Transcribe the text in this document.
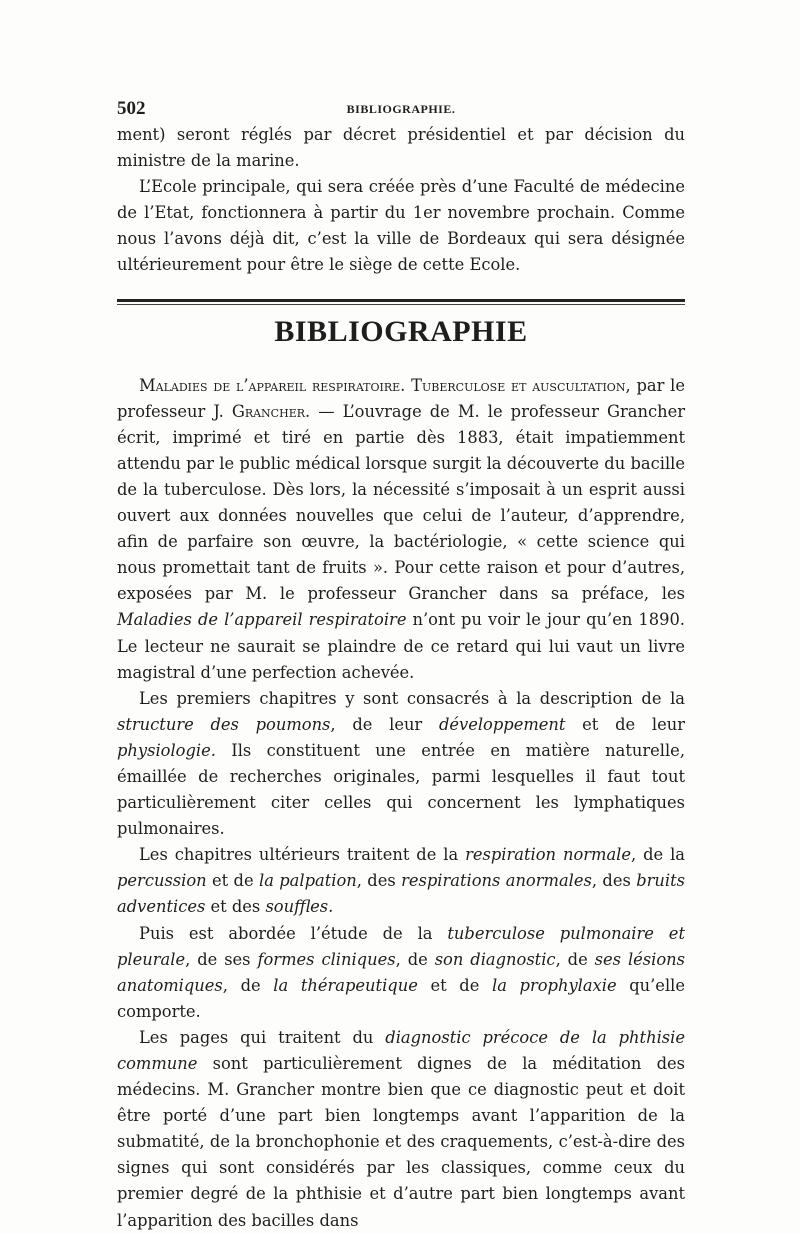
502	BIBLIOGRAPHIE.

ment) seront réglés par décret présidentiel et par décision du ministre de la marine.

L’Ecole principale, qui sera créée près d’une Faculté de médecine de l’Etat, fonctionnera à partir du 1er novembre prochain. Comme nous l’avons déjà dit, c’est la ville de Bordeaux qui sera désignée ultérieurement pour être le siège de cette Ecole.

BIBLIOGRAPHIE

Maladies de l’appareil respiratoire. Tuberculose et auscultation, par le professeur J. Grancher. — L’ouvrage de M. le professeur Grancher écrit, imprimé et tiré en partie dès 1883, était impatiemment attendu par le public médical lorsque surgit la découverte du bacille de la tuberculose. Dès lors, la nécessité s’imposait à un esprit aussi ouvert aux données nouvelles que celui de l’auteur, d’apprendre, afin de parfaire son œuvre, la bactériologie, « cette science qui nous promettait tant de fruits ». Pour cette raison et pour d’autres, exposées par M. le professeur Grancher dans sa préface, les Maladies de l’appareil respiratoire n’ont pu voir le jour qu’en 1890. Le lecteur ne saurait se plaindre de ce retard qui lui vaut un livre magistral d’une perfection achevée.

Les premiers chapitres y sont consacrés à la description de la structure des poumons, de leur développement et de leur physiologie. Ils constituent une entrée en matière naturelle, émaillée de recherches originales, parmi lesquelles il faut tout particulièrement citer celles qui concernent les lymphatiques pulmonaires.

Les chapitres ultérieurs traitent de la respiration normale, de la percussion et de la palpation, des respirations anormales, des bruits adventices et des souffles.

Puis est abordée l’étude de la tuberculose pulmonaire et pleurale, de ses formes cliniques, de son diagnostic, de ses lésions anatomiques, de la thérapeutique et de la prophylaxie qu’elle comporte.

Les pages qui traitent du diagnostic précoce de la phthisie commune sont particulièrement dignes de la méditation des médecins. M. Grancher montre bien que ce diagnostic peut et doit être porté d’une part bien longtemps avant l’apparition de la submatité, de la bronchophonie et des craquements, c’est-à-dire des signes qui sont considérés par les classiques, comme ceux du premier degré de la phthisie et d’autre part bien longtemps avant l’apparition des bacilles dans
